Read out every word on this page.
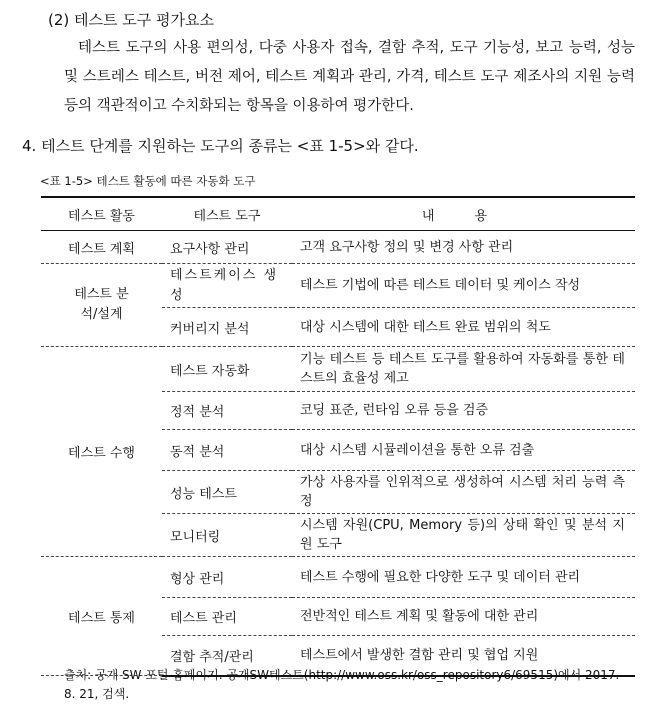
(2) 테스트 도구 평가요소
테스트 도구의 사용 편의성, 다중 사용자 접속, 결함 추적, 도구 기능성, 보고 능력, 성능 및 스트레스 테스트, 버전 제어, 테스트 계획과 관리, 가격, 테스트 도구 제조사의 지원 능력 등의 객관적이고 수치화되는 항목을 이용하여 평가한다.
4. 테스트 단계를 지원하는 도구의 종류는 <표 1-5>와 같다.
<표 1-5> 테스트 활동에 따른 자동화 도구
테스트 활동	테스트 도구	내 용
테스트 계획	요구사항 관리	고객 요구사항 정의 및 변경 사항 관리
테스트 분석/설계	테스트케이스 생성	테스트 기법에 따른 테스트 데이터 및 케이스 작성
	커버리지 분석	대상 시스템에 대한 테스트 완료 범위의 척도
테스트 수행	테스트 자동화	기능 테스트 등 테스트 도구를 활용하여 자동화를 통한 테스트의 효율성 제고
	정적 분석	코딩 표준, 런타임 오류 등을 검증
	동적 분석	대상 시스템 시뮬레이션을 통한 오류 검출
	성능 테스트	가상 사용자를 인위적으로 생성하여 시스템 처리 능력 측정
	모니터링	시스템 자원(CPU, Memory 등)의 상태 확인 및 분석 지원 도구
테스트 통제	형상 관리	테스트 수행에 필요한 다양한 도구 및 데이터 관리
	테스트 관리	전반적인 테스트 계획 및 활동에 대한 관리
	결함 추적/관리	테스트에서 발생한 결함 관리 및 협업 지원
출처: 공개 SW 포털 홈페이지. 공개SW테스트(http://www.oss.kr/oss_repository6/69515)에서 2017. 8. 21, 검색.
